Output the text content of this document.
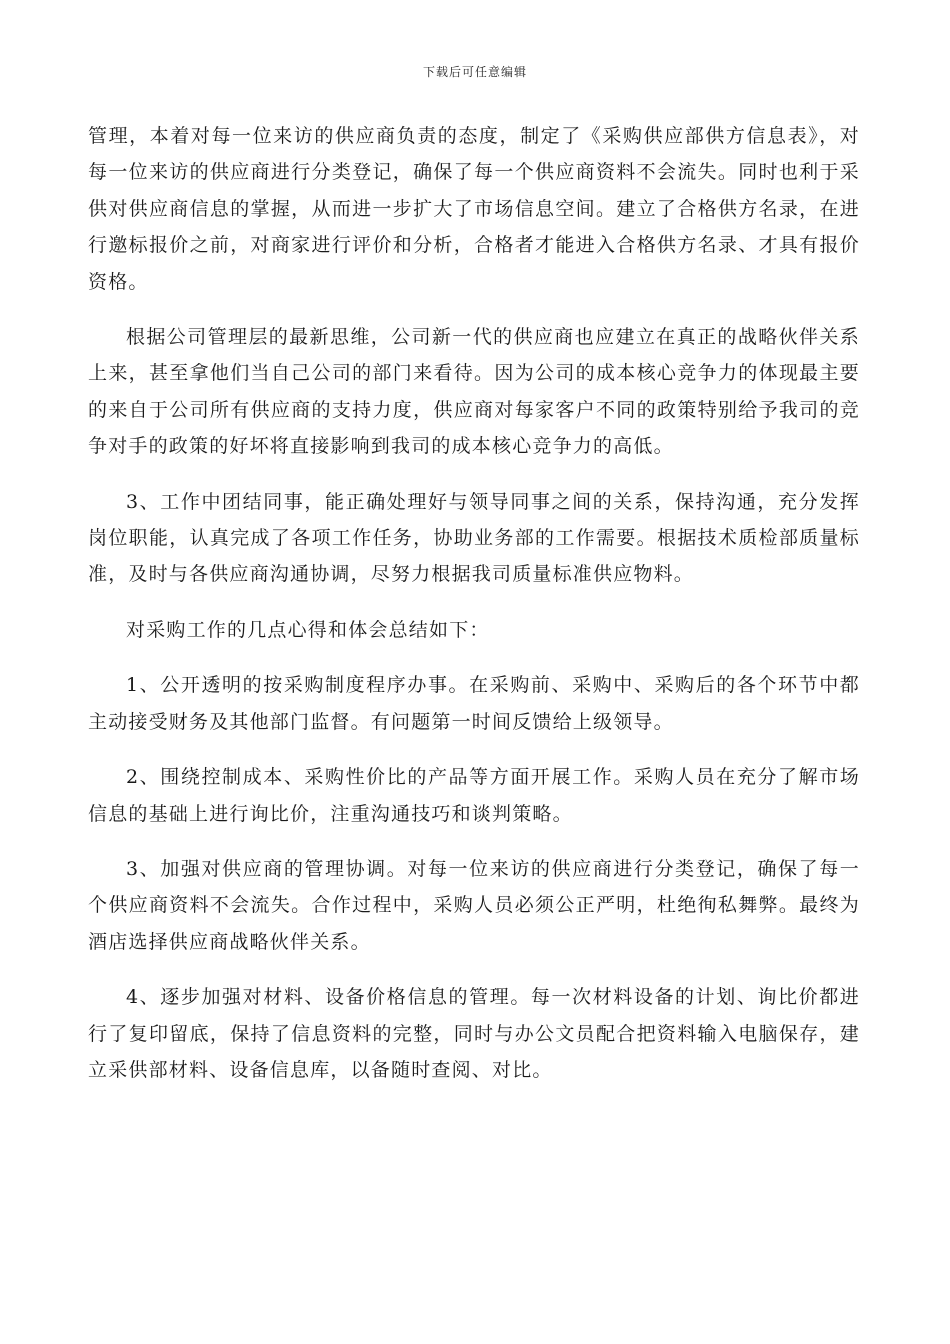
下载后可任意编辑

管理，本着对每一位来访的供应商负责的态度，制定了《采购供应部供方信息表》，对每一位来访的供应商进行分类登记，确保了每一个供应商资料不会流失。同时也利于采供对供应商信息的掌握，从而进一步扩大了市场信息空间。建立了合格供方名录，在进行邀标报价之前，对商家进行评价和分析，合格者才能进入合格供方名录、才具有报价资格。

根据公司管理层的最新思维，公司新一代的供应商也应建立在真正的战略伙伴关系上来，甚至拿他们当自己公司的部门来看待。因为公司的成本核心竞争力的体现最主要的来自于公司所有供应商的支持力度，供应商对每家客户不同的政策特别给予我司的竞争对手的政策的好坏将直接影响到我司的成本核心竞争力的高低。

3、工作中团结同事，能正确处理好与领导同事之间的关系，保持沟通，充分发挥岗位职能，认真完成了各项工作任务，协助业务部的工作需要。根据技术质检部质量标准，及时与各供应商沟通协调，尽努力根据我司质量标准供应物料。

对采购工作的几点心得和体会总结如下：

1、公开透明的按采购制度程序办事。在采购前、采购中、采购后的各个环节中都主动接受财务及其他部门监督。有问题第一时间反馈给上级领导。

2、围绕控制成本、采购性价比的产品等方面开展工作。采购人员在充分了解市场信息的基础上进行询比价，注重沟通技巧和谈判策略。

3、加强对供应商的管理协调。对每一位来访的供应商进行分类登记，确保了每一个供应商资料不会流失。合作过程中，采购人员必须公正严明，杜绝徇私舞弊。最终为酒店选择供应商战略伙伴关系。

4、逐步加强对材料、设备价格信息的管理。每一次材料设备的计划、询比价都进行了复印留底，保持了信息资料的完整，同时与办公文员配合把资料输入电脑保存，建立采供部材料、设备信息库，以备随时查阅、对比。
